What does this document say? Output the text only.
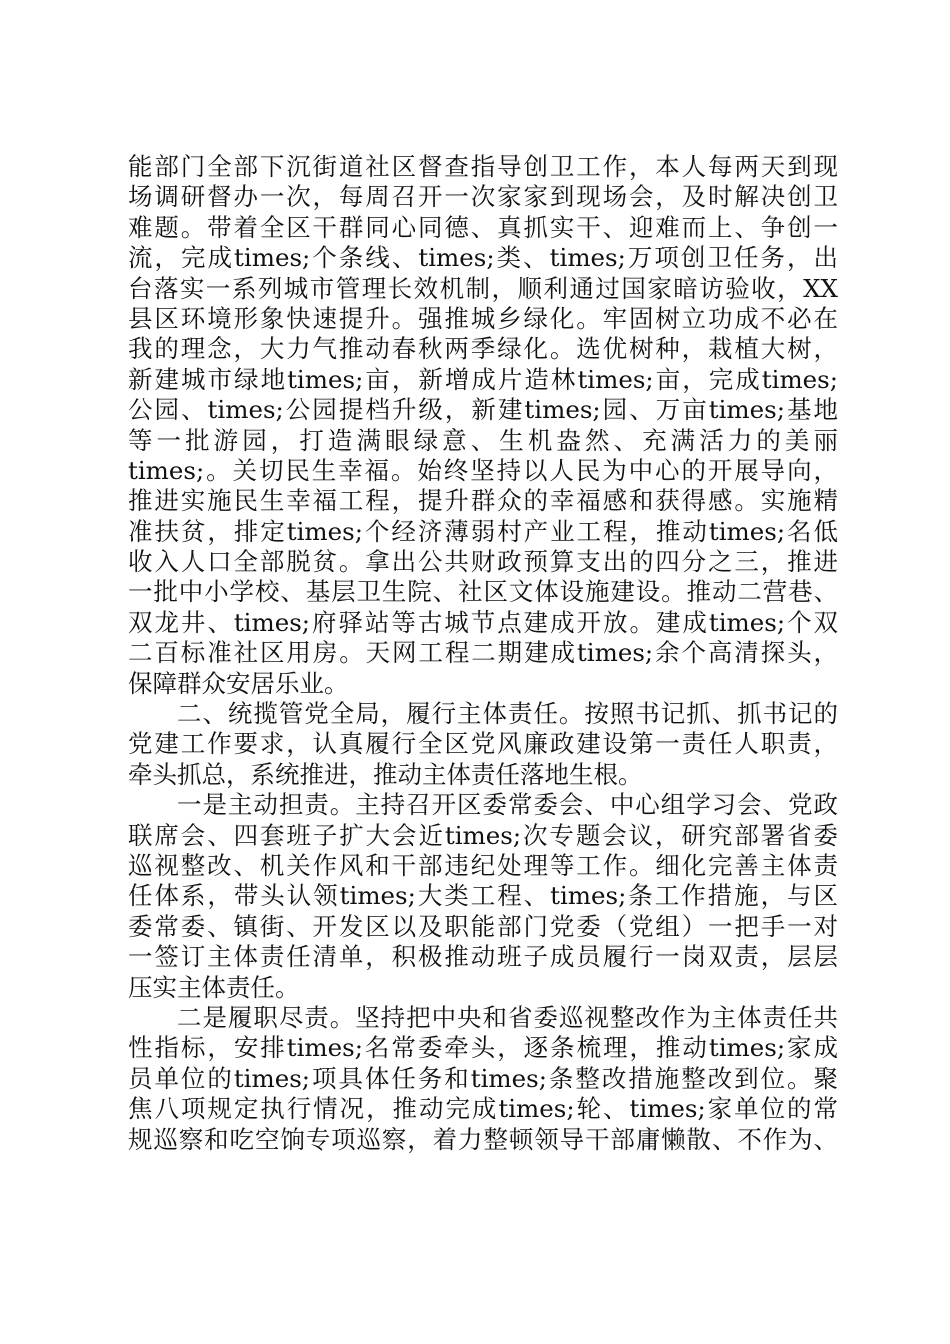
能部门全部下沉街道社区督查指导创卫工作，本人每两天到现
场调研督办一次，每周召开一次家家到现场会，及时解决创卫
难题。带着全区干群同心同德、真抓实干、迎难而上、争创一
流，完成times;个条线、times;类、times;万项创卫任务，出
台落实一系列城市管理长效机制，顺利通过国家暗访验收，XX
县区环境形象快速提升。强推城乡绿化。牢固树立功成不必在
我的理念，大力气推动春秋两季绿化。选优树种，栽植大树，
新建城市绿地times;亩，新增成片造林times;亩，完成times;
公园、times;公园提档升级，新建times;园、万亩times;基地
等一批游园，打造满眼绿意、生机盎然、充满活力的美丽
times;。关切民生幸福。始终坚持以人民为中心的开展导向，
推进实施民生幸福工程，提升群众的幸福感和获得感。实施精
准扶贫，排定times;个经济薄弱村产业工程，推动times;名低
收入人口全部脱贫。拿出公共财政预算支出的四分之三，推进
一批中小学校、基层卫生院、社区文体设施建设。推动二营巷、
双龙井、times;府驿站等古城节点建成开放。建成times;个双
二百标准社区用房。天网工程二期建成times;余个高清探头，
保障群众安居乐业。
二、统揽管党全局，履行主体责任。按照书记抓、抓书记的
党建工作要求，认真履行全区党风廉政建设第一责任人职责，
牵头抓总，系统推进，推动主体责任落地生根。
一是主动担责。主持召开区委常委会、中心组学习会、党政
联席会、四套班子扩大会近times;次专题会议，研究部署省委
巡视整改、机关作风和干部违纪处理等工作。细化完善主体责
任体系，带头认领times;大类工程、times;条工作措施，与区
委常委、镇街、开发区以及职能部门党委（党组）一把手一对
一签订主体责任清单，积极推动班子成员履行一岗双责，层层
压实主体责任。
二是履职尽责。坚持把中央和省委巡视整改作为主体责任共
性指标，安排times;名常委牵头，逐条梳理，推动times;家成
员单位的times;项具体任务和times;条整改措施整改到位。聚
焦八项规定执行情况，推动完成times;轮、times;家单位的常
规巡察和吃空饷专项巡察，着力整顿领导干部庸懒散、不作为、
